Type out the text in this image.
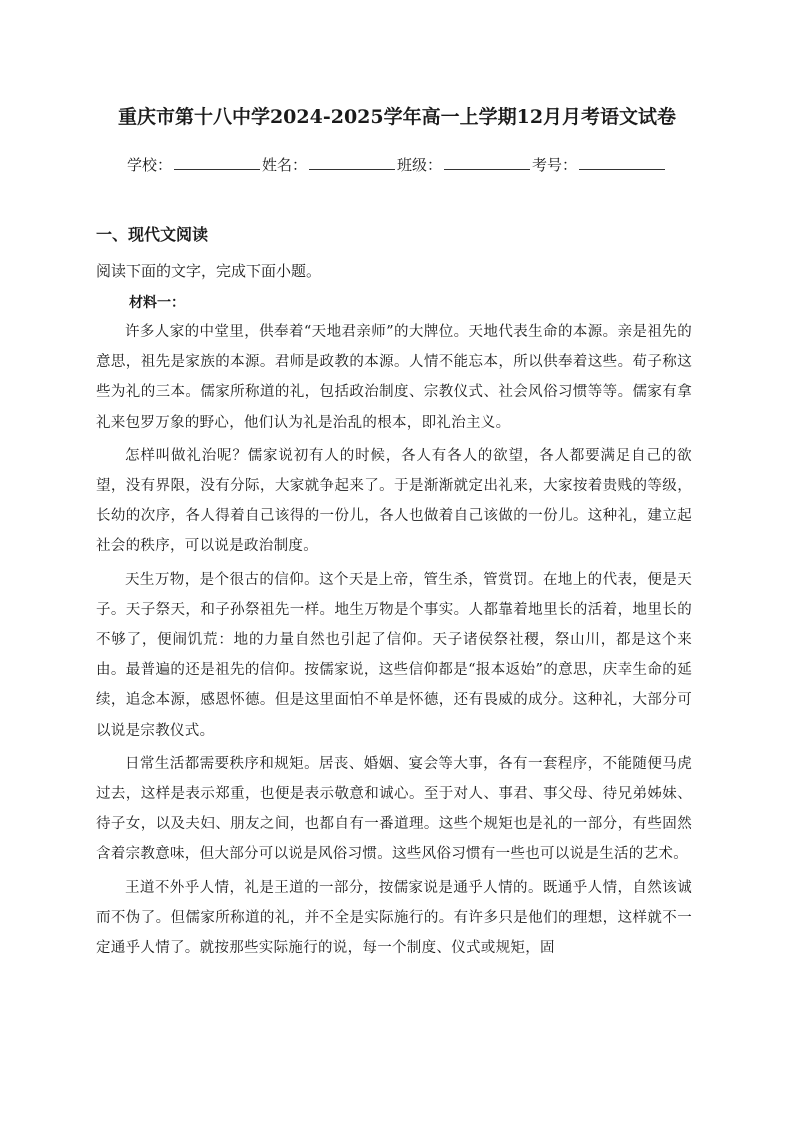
重庆市第十八中学2024-2025学年高一上学期12月月考语文试卷
学校：	姓名：	班级：	考号：
一、现代文阅读
阅读下面的文字，完成下面小题。
材料一：

许多人家的中堂里，供奉着“天地君亲师”的大牌位。天地代表生命的本源。亲是祖先的意思，祖先是家族的本源。君师是政教的本源。人情不能忘本，所以供奉着这些。荀子称这些为礼的三本。儒家所称道的礼，包括政治制度、宗教仪式、社会风俗习惯等等。儒家有拿礼来包罗万象的野心，他们认为礼是治乱的根本，即礼治主义。

怎样叫做礼治呢？儒家说初有人的时候，各人有各人的欲望，各人都要满足自己的欲望，没有界限，没有分际，大家就争起来了。于是渐渐就定出礼来，大家按着贵贱的等级，长幼的次序，各人得着自己该得的一份儿，各人也做着自己该做的一份儿。这种礼，建立起社会的秩序，可以说是政治制度。

天生万物，是个很古的信仰。这个天是上帝，管生杀，管赏罚。在地上的代表，便是天子。天子祭天，和子孙祭祖先一样。地生万物是个事实。人都靠着地里长的活着，地里长的不够了，便闹饥荒：地的力量自然也引起了信仰。天子诸侯祭社稷，祭山川，都是这个来由。最普遍的还是祖先的信仰。按儒家说，这些信仰都是“报本返始”的意思，庆幸生命的延续，追念本源，感恩怀德。但是这里面怕不单是怀德，还有畏威的成分。这种礼，大部分可以说是宗教仪式。

日常生活都需要秩序和规矩。居丧、婚姻、宴会等大事，各有一套程序，不能随便马虎过去，这样是表示郑重，也便是表示敬意和诚心。至于对人、事君、事父母、待兄弟姊妹、待子女，以及夫妇、朋友之间，也都自有一番道理。这些个规矩也是礼的一部分，有些固然含着宗教意味，但大部分可以说是风俗习惯。这些风俗习惯有一些也可以说是生活的艺术。

王道不外乎人情，礼是王道的一部分，按儒家说是通乎人情的。既通乎人情，自然该诚而不伪了。但儒家所称道的礼，并不全是实际施行的。有许多只是他们的理想，这样就不一定通乎人情了。就按那些实际施行的说，每一个制度、仪式或规矩，固
